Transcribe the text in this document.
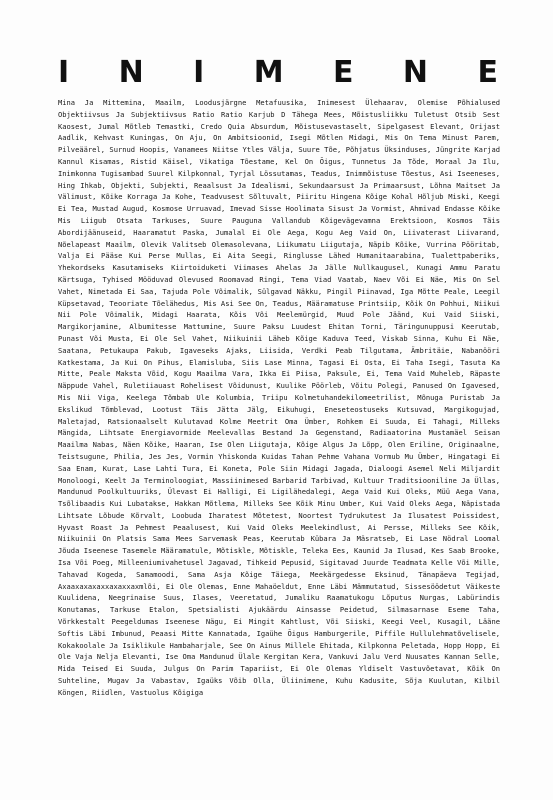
I N I M E N E
Mina Ja Mittemina, Maailm, Loodusjärgne Metafuusika, Inimesest Ülehaarav, Olemise Põhialused Objektiivsus Ja Subjektiivsus Ratio Ratio Karjub D Tähega Mees, Mõistusliikku Tuletust Otsib Sest Kaosest, Jumal Mõtleb Temastki, Credo Quia Absurdum, Mõistusevastaselt, Sipelgasest Elevant, Orijast Aadlik, Kehvast Kuningas, On Aju, On Ambitsioonid, Isegi Mõtlen Midagi, Mis On Tema Minust Parem, Pilveäärel, Surnud Hoopis, Vanamees Niitse Ytles Välja, Suure Tõe, Põhjatus Üksinduses, Jüngrite Karjad Kannul Kisamas, Ristid Käisel, Vikatiga Tõestame, Kel On Õigus, Tunnetus Ja Tõde, Moraal Ja Ilu, Inimkonna Tugisambad Suurel Kilpkonnal, Tyrjal Lössutamas, Teadus, Inimmõistuse Tõestus, Asi Iseeneses, Hing Ihkab, Objekti, Subjekti, Reaalsust Ja Idealismi, Sekundaarsust Ja Primaarsust, Lõhna Maitset Ja Välimust, Kõike Korraga Ja Kohe, Teadvusest Sõltuvalt, Piiritu Hingena Kõige Kohal Hõljub Miski, Keegi Ei Tea, Mustad Augud, Kosmose Urruavad, Imevad Sisse Hoolimata Sisust Ja Vormist, Ahmivad Endasse Kõike Mis Liigub Otsata Tarkuses, Suure Pauguna Vallandub Kõigevägevamna Erektsioon, Kosmos Täis Abordijäänuseid, Haaramatut Paska, Jumalal Ei Ole Aega, Kogu Aeg Vaid On, Liivaterast Liivarand, Nõelapeast Maailm, Olevik Valitseb Olemasolevana, Liikumatu Liigutaja, Näpib Kõike, Vurrina Pööritab, Valja Ei Pääse Kui Perse Mullas, Ei Aita Seegi, Ringlusse Lähed Humanitaarabina, Tualettpaberiks, Yhekordseks Kasutamiseks Kiirtoiduketi Viimases Ahelas Ja Jälle Nullkaugusel, Kunagi Ammu Paratu Kärtsuga, Tyhised Mööduvad Olevused Roomavad Ringi, Tema Viad Vaatab, Naev Või Ei Näe, Mis On Sel Vahet, Nimetada Ei Saa, Tajuda Pole Võimalik, Sülgavad Näkku, Pingil Piinavad, Iga Mõtte Peale, Leegil Küpsetavad, Teooriate Tõelähedus, Mis Asi See On, Teadus, Määramatuse Printsiip, Kõik On Pohhui, Niikui Nii Pole Võimalik, Midagi Haarata, Kõis Või Meelemürgid, Muud Pole Jäänd, Kui Vaid Siiski, Margikorjamine, Albumitesse Mattumine, Suure Paksu Luudest Ehitan Torni, Täringunuppusi Keerutab, Punast Või Musta, Ei Ole Sel Vahet, Niikuinii Läheb Kõige Kaduva Teed, Viskab Sinna, Kuhu Ei Näe, Saatana, Petukaupa Pakub, Igaveseks Ajaks, Liisida, Verdki Peab Tilgutama, Ämbritäie, Nabanööri Katkestama, Ja Kui On Pihus, Elamisluba, Siis Lase Minna, Tagasi Ei Osta, Ei Taha Isegi, Tasuta Ka Mitte, Peale Maksta Võid, Kogu Maailma Vara, Ikka Ei Piisa, Paksule, Ei, Tema Vaid Muheleb, Räpaste Näppude Vahel, Ruletiiauast Rohelisest Võidunust, Kuulike Pöörleb, Võitu Polegi, Panused On Igavesed, Mis Nii Viga, Keelega Tõmbab Ule Kolumbia, Triipu Kolmetuhandekilomeetrilist, Mõnuga Puristab Ja Ekslikud Tõmblevad, Lootust Täis Jätta Jälg, Eikuhugi, Eneseteostuseks Kutsuvad, Margikogujad, Maletajad, Ratsionaalselt Kulutavad Kolme Meetrit Oma Ümber, Rohkem Ei Suuda, Ei Tahagi, Milleks Mängida, Lihtsate Energiavormide Meelevallas Bestand Ja Gegenstand, Radiaatorina Mustamäel Seisan Maailma Nabas, Näen Kõike, Haaran, Ise Olen Liigutaja, Kõige Algus Ja Lõpp, Olen Eriline, Originaalne, Teistsugune, Philia, Jes Jes, Vormin Yhiskonda Kuidas Tahan Pehme Vahana Vormub Mu Ümber, Hingatagi Ei Saa Enam, Kurat, Lase Lahti Tura, Ei Koneta, Pole Siin Midagi Jagada, Dialoogi Asemel Neli Miljardit Monoloogi, Keelt Ja Terminoloogiat, Massiinimesed Barbarid Tarbivad, Kultuur Traditsiooniline Ja Üllas, Mandunud Poolkultuuriks, Ülevast Ei Halligi, Ei Ligilähedalegi, Aega Vaid Kui Oleks, Müü Aega Vana, Tsõlibaadis Kui Lubatakse, Hakkan Mõtlema, Milleks See Kõik Minu Umber, Kui Vaid Oleks Aega, Näpistada Lihtsate Lõbude Kõrvalt, Loobuda Iharatest Mõtetest, Noortest Tydrukutest Ja Ilusatest Poissidest, Hyvast Roast Ja Pehmest Peaalusest, Kui Vaid Oleks Meelekindlust, Ai Persse, Milleks See Kõik, Niikuinii On Platsis Sama Mees Sarvemask Peas, Keerutab Kübara Ja Mäsratseb, Ei Lase Nödral Loomal Jõuda Iseenese Tasemele Määramatule, Mõtiskle, Mõtiskle, Teleka Ees, Kaunid Ja Ilusad, Kes Saab Brooke, Isa Või Poeg, Milleeniumivahetusel Jagavad, Tihkeid Pepusid, Sigitavad Juurde Teadmata Kelle Või Mille, Tahavad Kogeda, Samamoodi, Sama Asja Kõige Täiega, Meekärgedesse Eksinud, Tänapäeva Tegijad, Axaaxaxaxaxxaxaxxaxmlõi, Ei Ole Olemas, Enne Mahaöeldut, Enne Läbi Mämmutatud, Sissesöödetut Väikeste Kuulidena, Neegrinaise Suus, Ilases, Veeretatud, Jumaliku Raamatukogu Lõputus Nurgas, Labürindis Konutamas, Tarkuse Etalon, Spetsialisti Ajukäärdu Ainsasse Peidetud, Silmasarnase Eseme Taha, Võrkkestalt Peegeldumas Iseenese Nägu, Ei Mingit Kahtlust, Või Siiski, Keegi Veel, Kusagil, Lääne Softis Läbi Imbunud, Peaasi Mitte Kannatada, Igaühe Õigus Hamburgerile, Piffile Hullulehmatõvelisele, Kokakoolale Ja Isiklikule Hambaharjale, See On Ainus Millele Ehitada, Kilpkonna Peletada, Hopp Hopp, Ei Ole Vaja Nelja Elevanti, Ise Oma Mandunud Ülale Kergitan Kera, Vankuvi Jalu Verd Nuusates Kannan Selle, Mida Teised Ei Suuda, Julgus On Parim Tapariist, Ei Ole Olemas Yldiselt Vastuvõetavat, Kõik On Suhteline, Mugav Ja Vabastav, Igaüks Võib Olla, Üliinimene, Kuhu Kadusite, Sõja Kuulutan, Kilbil Köngen, Riidlen, Vastuolus Kõigiga
